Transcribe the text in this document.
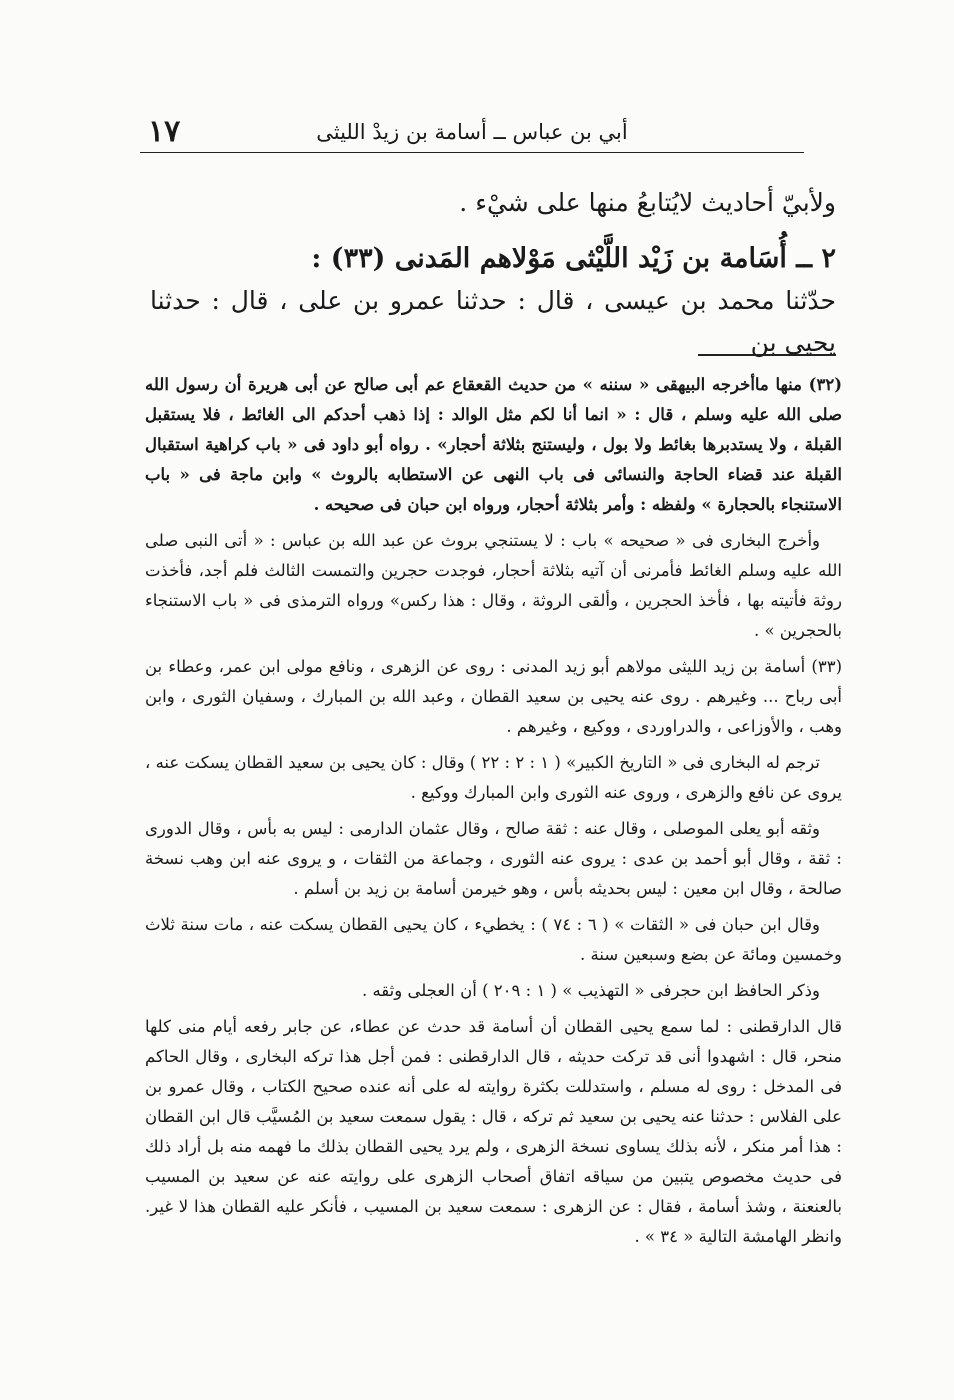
١٧	أبي بن عباس ــ أسامة بن زيدْ الليثى

ولأبيّ أحاديث لايُتابعُ منها على شيْء .

٢ ــ أُسَامة بن زَيْد اللَّيْثى مَوْلاهم المَدنى (٣٣) :

حدّثنا محمد بن عيسى ، قال : حدثنا عمرو بن على ، قال : حدثنا يحيى بن

(٣٢) منها ماأخرجه البيهقى « سننه » من حديث القعقاع عم أبى صالح عن أبى هريرة أن رسول الله صلى الله عليه وسلم ، قال : « انما أنا لكم مثل الوالد : إذا ذهب أحدكم الى الغائط ، فلا يستقبل القبلة ، ولا يستدبرها بغائط ولا بول ، وليستنج بثلاثة أحجار» . رواه أبو داود فى « باب كراهية استقبال القبلة عند قضاء الحاجة والنسائى فى باب النهى عن الاستطابه بالروث » وابن ماجة فى « باب الاستنجاء بالحجارة » ولفظه : وأمر بثلاثة أحجار، ورواه ابن حبان فى صحيحه .

وأخرج البخارى فى « صحيحه » باب : لا يستنجي بروث عن عبد الله بن عباس : « أتى النبى صلى الله عليه وسلم الغائط فأمرنى أن آتيه بثلاثة أحجار، فوجدت حجرين والتمست الثالث فلم أجد، فأخذت روثة فأتيته بها ، فأخذ الحجرين ، وألقى الروثة ، وقال : هذا ركس» ورواه الترمذى فى « باب الاستنجاء بالحجرين » .

(٣٣) أسامة بن زيد الليثى مولاهم أبو زيد المدنى : روى عن الزهرى ، ونافع مولى ابن عمر، وعطاء بن أبى رباح ... وغيرهم . روى عنه يحيى بن سعيد القطان ، وعبد الله بن المبارك ، وسفيان الثورى ، وابن وهب ، والأوزاعى ، والدراوردى ، ووكيع ، وغيرهم .

ترجم له البخارى فى « التاريخ الكبير» ( ١ : ٢ : ٢٢ ) وقال : كان يحيى بن سعيد القطان يسكت عنه ، يروى عن نافع والزهرى ، وروى عنه الثورى وابن المبارك ووكيع .

وثقه أبو يعلى الموصلى ، وقال عنه : ثقة صالح ، وقال عثمان الدارمى : ليس به بأس ، وقال الدورى : ثقة ، وقال أبو أحمد بن عدى : يروى عنه الثورى ، وجماعة من الثقات ، و يروى عنه ابن وهب نسخة صالحة ، وقال ابن معين : ليس بحديثه بأس ، وهو خيرمن أسامة بن زيد بن أسلم .

وقال ابن حبان فى « الثقات » ( ٦ : ٧٤ ) : يخطيء ، كان يحيى القطان يسكت عنه ، مات سنة ثلاث وخمسين ومائة عن بضع وسبعين سنة .

وذكر الحافظ ابن حجرفى « التهذيب » ( ١ : ٢٠٩ ) أن العجلى وثقه .

قال الدارقطنى : لما سمع يحيى القطان أن أسامة قد حدث عن عطاء، عن جابر رفعه أيام منى كلها منحر، قال : اشهدوا أنى قد تركت حديثه ، قال الدارقطنى : فمن أجل هذا تركه البخارى ، وقال الحاكم فى المدخل : روى له مسلم ، واستدللت بكثرة روايته له على أنه عنده صحيح الكتاب ، وقال عمرو بن على الفلاس : حدثنا عنه يحيى بن سعيد ثم تركه ، قال : يقول سمعت سعيد بن المُسيَّب قال ابن القطان : هذا أمر منكر ، لأنه بذلك يساوى نسخة الزهرى ، ولم يرد يحيى القطان بذلك ما فهمه منه بل أراد ذلك فى حديث مخصوص يتبين من سياقه اتفاق أصحاب الزهرى على روايته عنه عن سعيد بن المسيب بالعنعنة ، وشذ أسامة ، فقال : عن الزهرى : سمعت سعيد بن المسيب ، فأنكر عليه القطان هذا لا غير. وانظر الهامشة التالية « ٣٤ » .
